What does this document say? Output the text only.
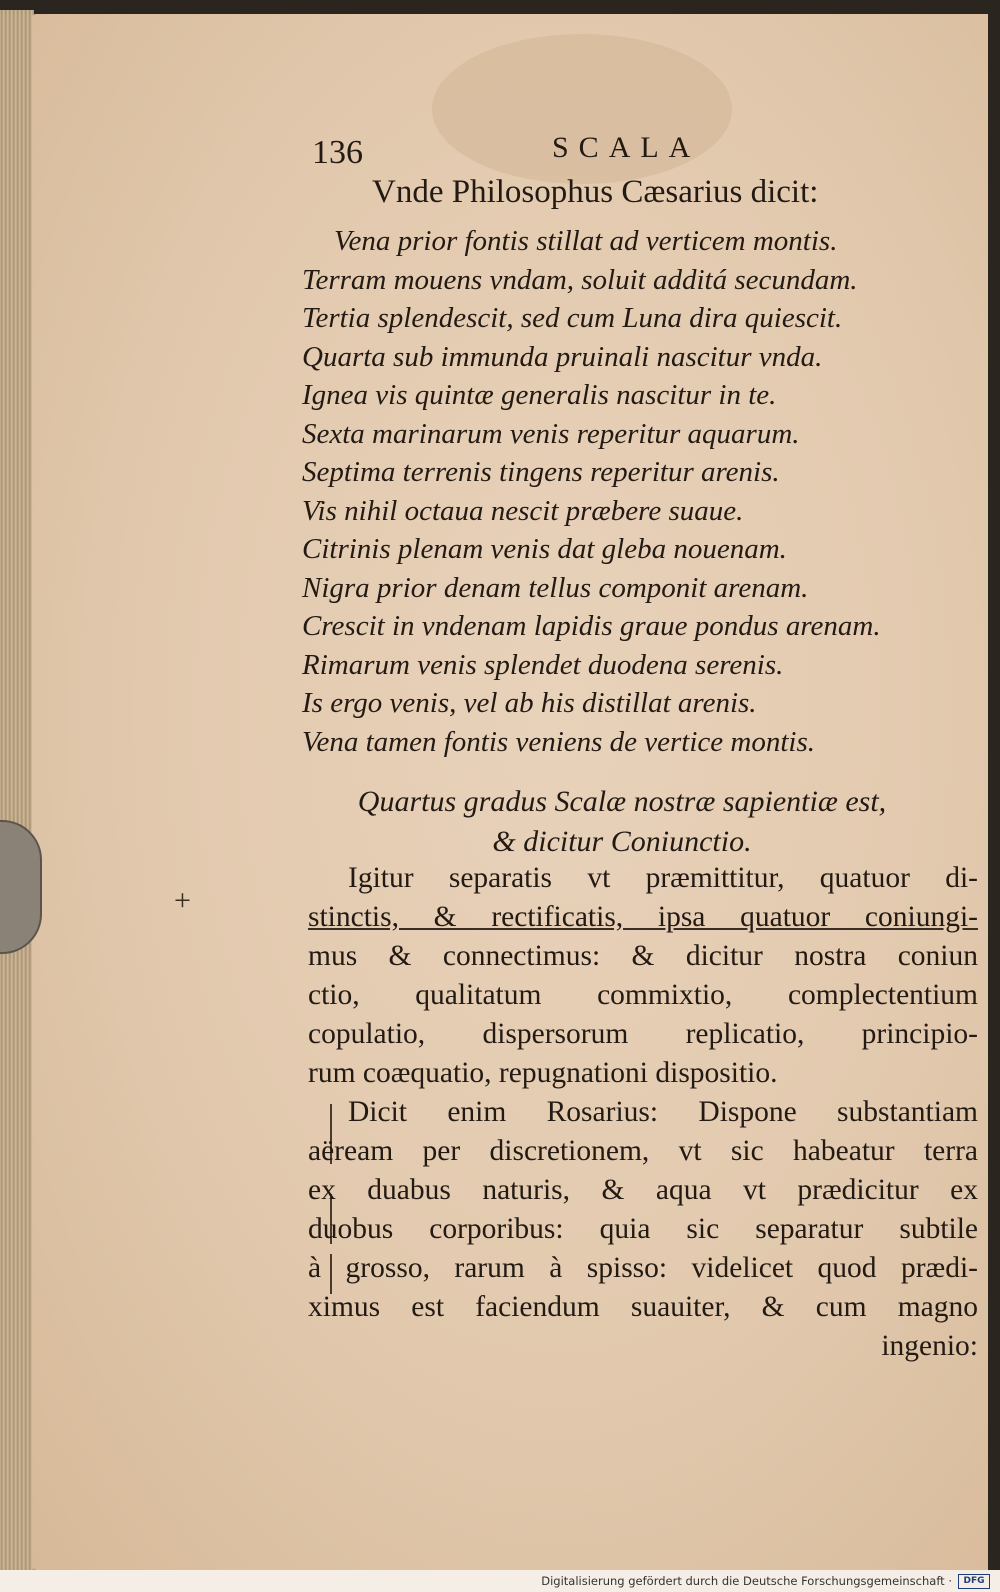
136	SCALA
Vnde Philosophus Cæsarius dicit:
Vena prior fontis stillat ad verticem montis.
Terram mouens vndam, soluit additá secundam.
Tertia splendescit, sed cum Luna dira quiescit.
Quarta sub immunda pruinali nascitur vnda.
Ignea vis quintæ generalis nascitur in te.
Sexta marinarum venis reperitur aquarum.
Septima terrenis tingens reperitur arenis.
Vis nihil octaua nescit præbere suaue.
Citrinis plenam venis dat gleba nouenam.
Nigra prior denam tellus componit arenam.
Crescit in vndenam lapidis graue pondus arenam.
Rimarum venis splendet duodena serenis.
Is ergo venis, vel ab his distillat arenis.
Vena tamen fontis veniens de vertice montis.
Quartus gradus Scalæ nostræ sapientiæ est,
& dicitur Coniunctio.
+

Igitur separatis vt præmittitur, quatuor di-
stinctis, & rectificatis, ipsa quatuor coniungi-
mus & connectimus: & dicitur nostra coniun
ctio, qualitatum commixtio, complectentium
copulatio, dispersorum replicatio, principio-
rum coæquatio, repugnationi dispositio.

Dicit enim Rosarius: Dispone substantiam
aëream per discretionem, vt sic habeatur terra
ex duabus naturis, & aqua vt prædicitur ex
duobus corporibus: quia sic separatur subtile
à grosso, rarum à spisso: videlicet quod prædi-
ximus est faciendum suauiter, & cum magno
ingenio:

Digitalisierung gefördert durch die Deutsche Forschungsgemeinschaft ·	DFG
